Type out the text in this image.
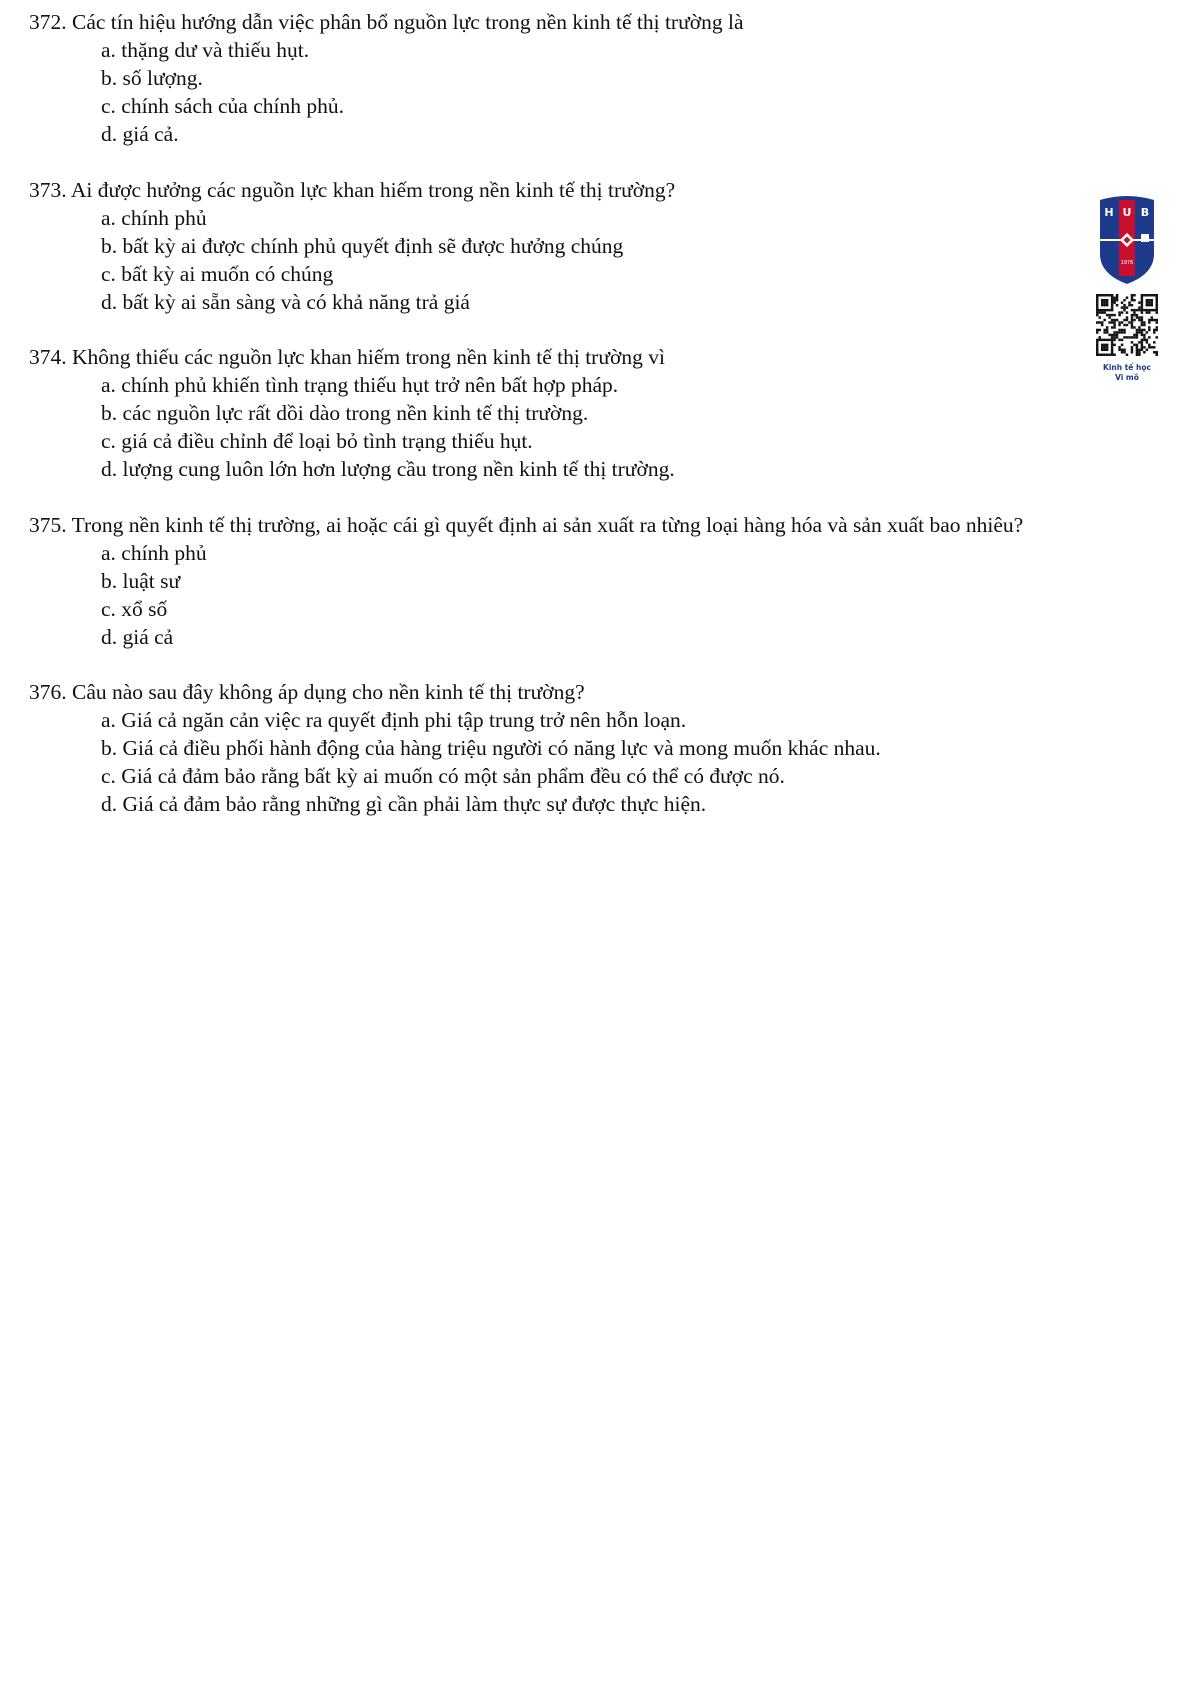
372. Các tín hiệu hướng dẫn việc phân bổ nguồn lực trong nền kinh tế thị trường là
a. thặng dư và thiếu hụt.
b. số lượng.
c. chính sách của chính phủ.
d. giá cả.
373. Ai được hưởng các nguồn lực khan hiếm trong nền kinh tế thị trường?
a. chính phủ
b. bất kỳ ai được chính phủ quyết định sẽ được hưởng chúng
c. bất kỳ ai muốn có chúng
d. bất kỳ ai sẵn sàng và có khả năng trả giá
374. Không thiếu các nguồn lực khan hiếm trong nền kinh tế thị trường vì
a. chính phủ khiến tình trạng thiếu hụt trở nên bất hợp pháp.
b. các nguồn lực rất dồi dào trong nền kinh tế thị trường.
c. giá cả điều chỉnh để loại bỏ tình trạng thiếu hụt.
d. lượng cung luôn lớn hơn lượng cầu trong nền kinh tế thị trường.
375. Trong nền kinh tế thị trường, ai hoặc cái gì quyết định ai sản xuất ra từng loại hàng hóa và sản xuất bao nhiêu?
a. chính phủ
b. luật sư
c. xổ số
d. giá cả
376. Câu nào sau đây không áp dụng cho nền kinh tế thị trường?
a. Giá cả ngăn cản việc ra quyết định phi tập trung trở nên hỗn loạn.
b. Giá cả điều phối hành động của hàng triệu người có năng lực và mong muốn khác nhau.
c. Giá cả đảm bảo rằng bất kỳ ai muốn có một sản phẩm đều có thể có được nó.
d. Giá cả đảm bảo rằng những gì cần phải làm thực sự được thực hiện.
H U B
1976
Kinh tế học
Vi mô
